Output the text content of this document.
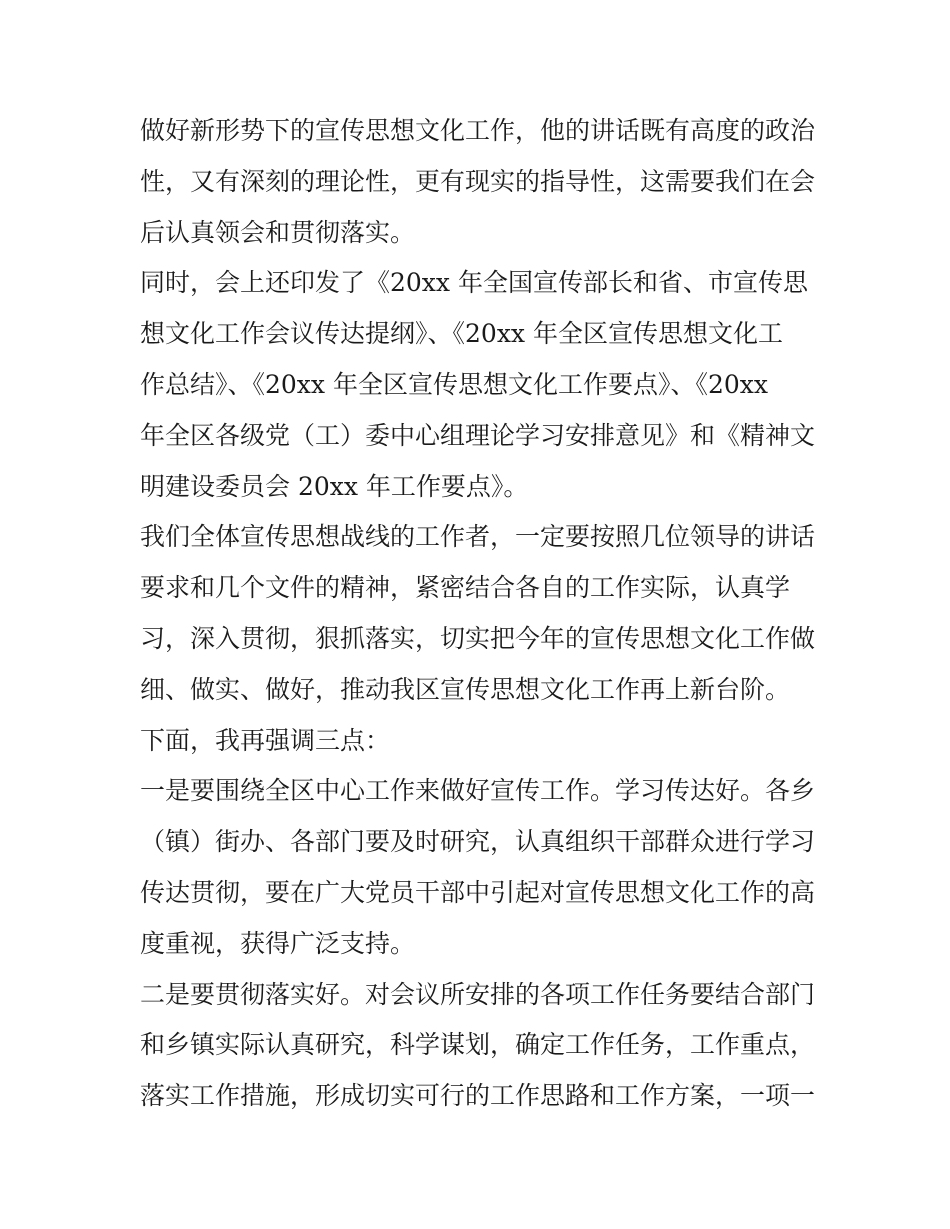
做好新形势下的宣传思想文化工作，他的讲话既有高度的政治
性，又有深刻的理论性，更有现实的指导性，这需要我们在会
后认真领会和贯彻落实。

同时，会上还印发了《20xx 年全国宣传部长和省、市宣传思
想文化工作会议传达提纲》、《20xx 年全区宣传思想文化工
作总结》、《20xx 年全区宣传思想文化工作要点》、《20xx
年全区各级党（工）委中心组理论学习安排意见》和《精神文
明建设委员会 20xx 年工作要点》。

我们全体宣传思想战线的工作者，一定要按照几位领导的讲话
要求和几个文件的精神，紧密结合各自的工作实际，认真学
习，深入贯彻，狠抓落实，切实把今年的宣传思想文化工作做
细、做实、做好，推动我区宣传思想文化工作再上新台阶。

下面，我再强调三点：

一是要围绕全区中心工作来做好宣传工作。学习传达好。各乡
（镇）街办、各部门要及时研究，认真组织干部群众进行学习
传达贯彻，要在广大党员干部中引起对宣传思想文化工作的高
度重视，获得广泛支持。

二是要贯彻落实好。对会议所安排的各项工作任务要结合部门
和乡镇实际认真研究，科学谋划，确定工作任务，工作重点，
落实工作措施，形成切实可行的工作思路和工作方案，一项一
